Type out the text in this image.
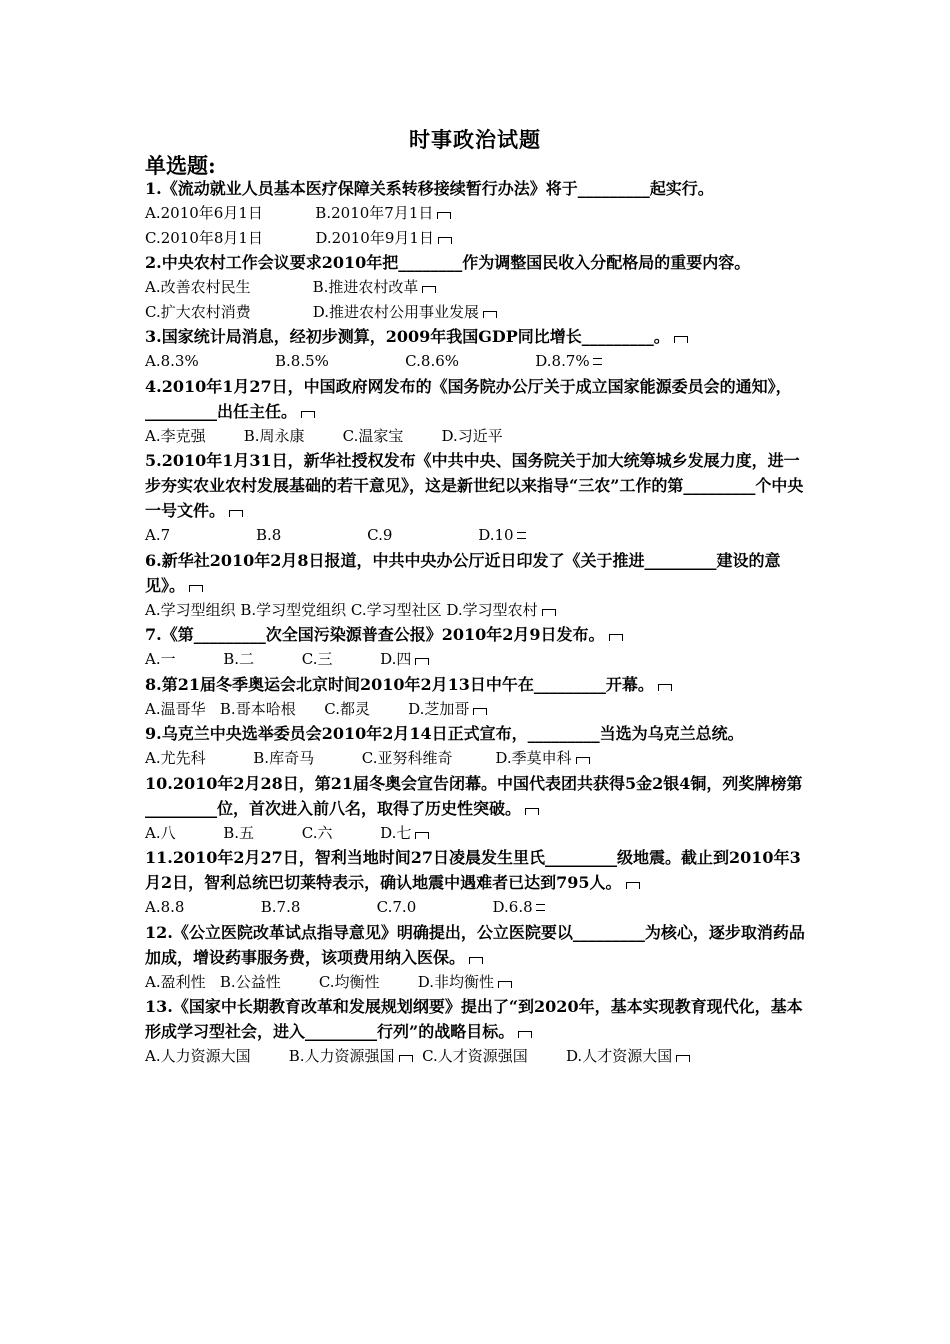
时事政治试题
单选题:

1.《流动就业人员基本医疗保障关系转移接续暂行办法》将于_________起实行。

A.2010年6月1日           B.2010年7月1日

C.2010年8月1日           D.2010年9月1日

2.中央农村工作会议要求2010年把________作为调整国民收入分配格局的重要内容。

A.改善农村民生             B.推进农村改革

C.扩大农村消费             D.推进农村公用事业发展

3.国家统计局消息，经初步测算，2009年我国GDP同比增长_________。

A.8.3%                B.8.5%                C.8.6%                D.8.7%

4.2010年1月27日，中国政府网发布的《国务院办公厅关于成立国家能源委员会的通知》，_________出任主任。

A.李克强        B.周永康        C.温家宝        D.习近平

5.2010年1月31日，新华社授权发布《中共中央、国务院关于加大统筹城乡发展力度，进一步夯实农业农村发展基础的若干意见》，这是新世纪以来指导“三农”工作的第_________个中央一号文件。

A.7                  B.8                  C.9                  D.10

6.新华社2010年2月8日报道，中共中央办公厅近日印发了《关于推进_________建设的意见》。

A.学习型组织 B.学习型党组织 C.学习型社区 D.学习型农村

7.《第_________次全国污染源普查公报》2010年2月9日发布。

A.一          B.二          C.三          D.四

8.第21届冬季奥运会北京时间2010年2月13日中午在_________开幕。

A.温哥华   B.哥本哈根      C.都灵        D.芝加哥

9.乌克兰中央选举委员会2010年2月14日正式宣布，_________当选为乌克兰总统。

A.尤先科          B.库奇马          C.亚努科维奇         D.季莫申科

10.2010年2月28日，第21届冬奥会宣告闭幕。中国代表团共获得5金2银4铜，列奖牌榜第_________位，首次进入前八名，取得了历史性突破。

A.八          B.五          C.六          D.七

11.2010年2月27日，智利当地时间27日凌晨发生里氏_________级地震。截止到2010年3月2日，智利总统巴切莱特表示，确认地震中遇难者已达到795人。

A.8.8                B.7.8                C.7.0                D.6.8

12.《公立医院改革试点指导意见》明确提出，公立医院要以_________为核心，逐步取消药品加成，增设药事服务费，该项费用纳入医保。

A.盈利性   B.公益性        C.均衡性        D.非均衡性

13.《国家中长期教育改革和发展规划纲要》提出了“到2020年，基本实现教育现代化，基本形成学习型社会，进入_________行列”的战略目标。

A.人力资源大国        B.人力资源强国  C.人才资源强国        D.人才资源大国
